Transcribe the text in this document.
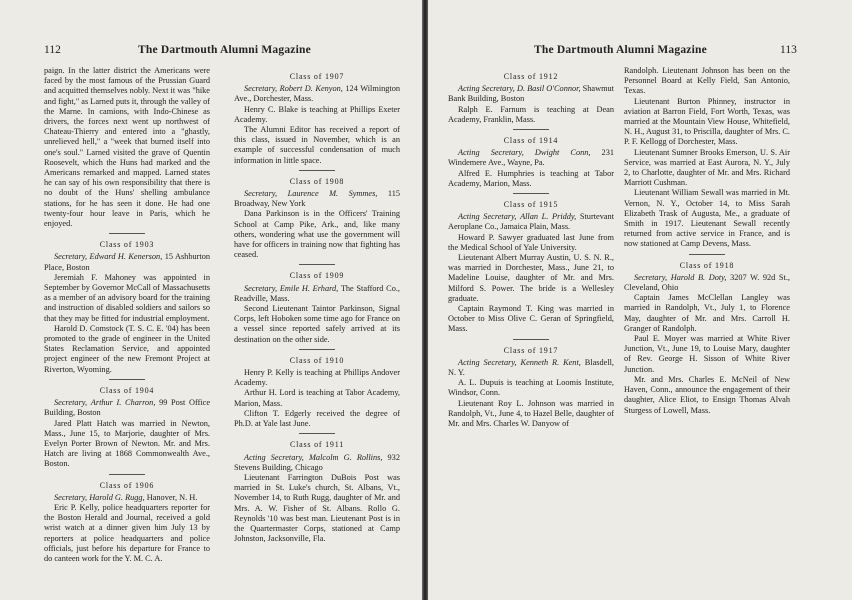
112	The Dartmouth Alumni Magazine

paign. In the latter district the Americans were faced by the most famous of the Prussian Guard and acquitted themselves nobly. Next it was "hike and fight," as Larned puts it, through the valley of the Marne. In camions, with Indo-Chinese as drivers, the forces next went up northwest of Chateau-Thierry and entered into a "ghastly, unrelieved hell," a "week that burned itself into one's soul." Larned visited the grave of Quentin Roosevelt, which the Huns had marked and the Americans remarked and mapped. Larned states he can say of his own responsibility that there is no doubt of the Huns' shelling ambulance stations, for he has seen it done. He had one twenty-four hour leave in Paris, which he enjoyed.

Class of 1903

Secretary, Edward H. Kenerson, 15 Ashburton Place, Boston

Jeremiah F. Mahoney was appointed in September by Governor McCall of Massachusetts as a member of an advisory board for the training and instruction of disabled soldiers and sailors so that they may be fitted for industrial employment.

Harold D. Comstock (T. S. C. E. '04) has been promoted to the grade of engineer in the United States Reclamation Service, and appointed project engineer of the new Fremont Project at Riverton, Wyoming.

Class of 1904

Secretary, Arthur I. Charron, 99 Post Office Building, Boston

Jared Platt Hatch was married in Newton, Mass., June 15, to Marjorie, daughter of Mrs. Evelyn Porter Brown of Newton. Mr. and Mrs. Hatch are living at 1868 Commonwealth Ave., Boston.

Class of 1906

Secretary, Harold G. Rugg, Hanover, N. H.

Eric P. Kelly, police headquarters reporter for the Boston Herald and Journal, received a gold wrist watch at a dinner given him July 13 by reporters at police headquarters and police officials, just before his departure for France to do canteen work for the Y. M. C. A.

Class of 1907

Secretary, Robert D. Kenyon, 124 Wilmington Ave., Dorchester, Mass.

Henry C. Blake is teaching at Phillips Exeter Academy.

The Alumni Editor has received a report of this class, issued in November, which is an example of successful condensation of much information in little space.

Class of 1908

Secretary, Laurence M. Symmes, 115 Broadway, New York

Dana Parkinson is in the Officers' Training School at Camp Pike, Ark., and, like many others, wondering what use the government will have for officers in training now that fighting has ceased.

Class of 1909

Secretary, Emile H. Erhard, The Stafford Co., Readville, Mass.

Second Lieutenant Taintor Parkinson, Signal Corps, left Hoboken some time ago for France on a vessel since reported safely arrived at its destination on the other side.

Class of 1910

Henry P. Kelly is teaching at Phillips Andover Academy.

Arthur H. Lord is teaching at Tabor Academy, Marion, Mass.

Clifton T. Edgerly received the degree of Ph.D. at Yale last June.

Class of 1911

Acting Secretary, Malcolm G. Rollins, 932 Stevens Building, Chicago

Lieutenant Farrington DuBois Post was married in St. Luke's church, St. Albans, Vt., November 14, to Ruth Rugg, daughter of Mr. and Mrs. A. W. Fisher of St. Albans. Rollo G. Reynolds '10 was best man. Lieutenant Post is in the Quartermaster Corps, stationed at Camp Johnston, Jacksonville, Fla.

The Dartmouth Alumni Magazine	113
Class of 1912

Acting Secretary, D. Basil O'Connor, Shawmut Bank Building, Boston

Ralph E. Farnum is teaching at Dean Academy, Franklin, Mass.

Class of 1914

Acting Secretary, Dwight Conn, 231 Windemere Ave., Wayne, Pa.

Alfred E. Humphries is teaching at Tabor Academy, Marion, Mass.

Class of 1915

Acting Secretary, Allan L. Priddy, Sturtevant Aeroplane Co., Jamaica Plain, Mass.

Howard P. Sawyer graduated last June from the Medical School of Yale University.

Lieutenant Albert Murray Austin, U. S. N. R., was married in Dorchester, Mass., June 21, to Madeline Louise, daughter of Mr. and Mrs. Milford S. Power. The bride is a Wellesley graduate.

Captain Raymond T. King was married in October to Miss Olive C. Geran of Springfield, Mass.

Class of 1917

Acting Secretary, Kenneth R. Kent, Blasdell, N. Y.

A. L. Dupuis is teaching at Loomis Institute, Windsor, Conn.

Lieutenant Roy L. Johnson was married in Randolph, Vt., June 4, to Hazel Belle, daughter of Mr. and Mrs. Charles W. Danyow of

Randolph. Lieutenant Johnson has been on the Personnel Board at Kelly Field, San Antonio, Texas.

Lieutenant Burton Phinney, instructor in aviation at Barron Field, Fort Worth, Texas, was married at the Mountain View House, Whitefield, N. H., August 31, to Priscilla, daughter of Mrs. C. P. F. Kellogg of Dorchester, Mass.

Lieutenant Sumner Brooks Emerson, U. S. Air Service, was married at East Aurora, N. Y., July 2, to Charlotte, daughter of Mr. and Mrs. Richard Marriott Cushman.

Lieutenant William Sewall was married in Mt. Vernon, N. Y., October 14, to Miss Sarah Elizabeth Trask of Augusta, Me., a graduate of Smith in 1917. Lieutenant Sewall recently returned from active service in France, and is now stationed at Camp Devens, Mass.

Class of 1918

Secretary, Harold B. Doty, 3207 W. 92d St., Cleveland, Ohio

Captain James McClellan Langley was married in Randolph, Vt., July 1, to Florence May, daughter of Mr. and Mrs. Carroll H. Granger of Randolph.

Paul E. Moyer was married at White River Junction, Vt., June 19, to Louise Mary, daughter of Rev. George H. Sisson of White River Junction.

Mr. and Mrs. Charles E. McNeil of New Haven, Conn., announce the engagement of their daughter, Alice Eliot, to Ensign Thomas Alvah Sturgess of Lowell, Mass.
